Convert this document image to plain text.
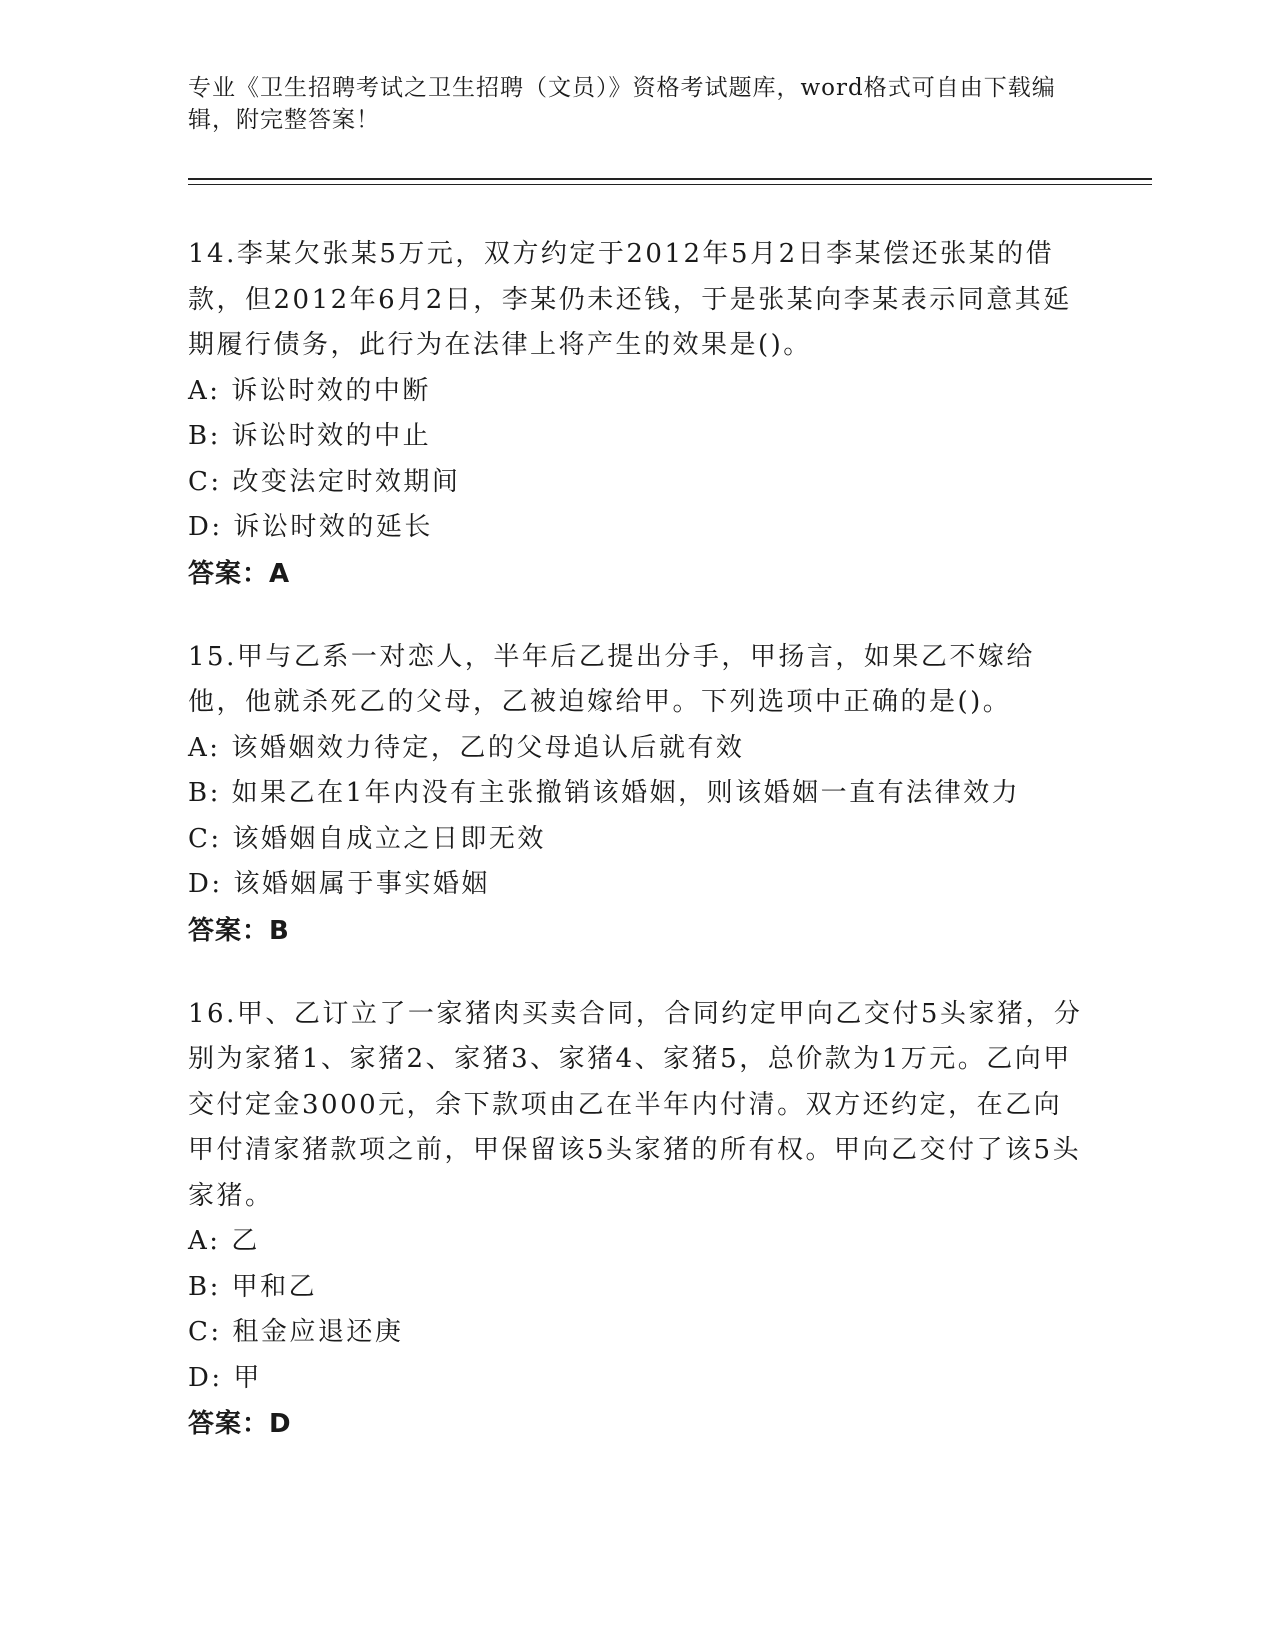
专业《卫生招聘考试之卫生招聘（文员）》资格考试题库，word格式可自由下载编辑，附完整答案！

14.李某欠张某5万元，双方约定于2012年5月2日李某偿还张某的借款，但2012年6月2日，李某仍未还钱，于是张某向李某表示同意其延期履行债务，此行为在法律上将产生的效果是()。

A: 诉讼时效的中断

B: 诉讼时效的中止

C: 改变法定时效期间

D: 诉讼时效的延长

答案：A

15.甲与乙系一对恋人，半年后乙提出分手，甲扬言，如果乙不嫁给他，他就杀死乙的父母，乙被迫嫁给甲。下列选项中正确的是()。

A: 该婚姻效力待定，乙的父母追认后就有效

B: 如果乙在1年内没有主张撤销该婚姻，则该婚姻一直有法律效力

C: 该婚姻自成立之日即无效

D: 该婚姻属于事实婚姻

答案：B

16.甲、乙订立了一家猪肉买卖合同，合同约定甲向乙交付5头家猪，分别为家猪1、家猪2、家猪3、家猪4、家猪5，总价款为1万元。乙向甲交付定金3000元，余下款项由乙在半年内付清。双方还约定，在乙向甲付清家猪款项之前，甲保留该5头家猪的所有权。甲向乙交付了该5头家猪。

A: 乙

B: 甲和乙

C: 租金应退还庚

D: 甲

答案：D
